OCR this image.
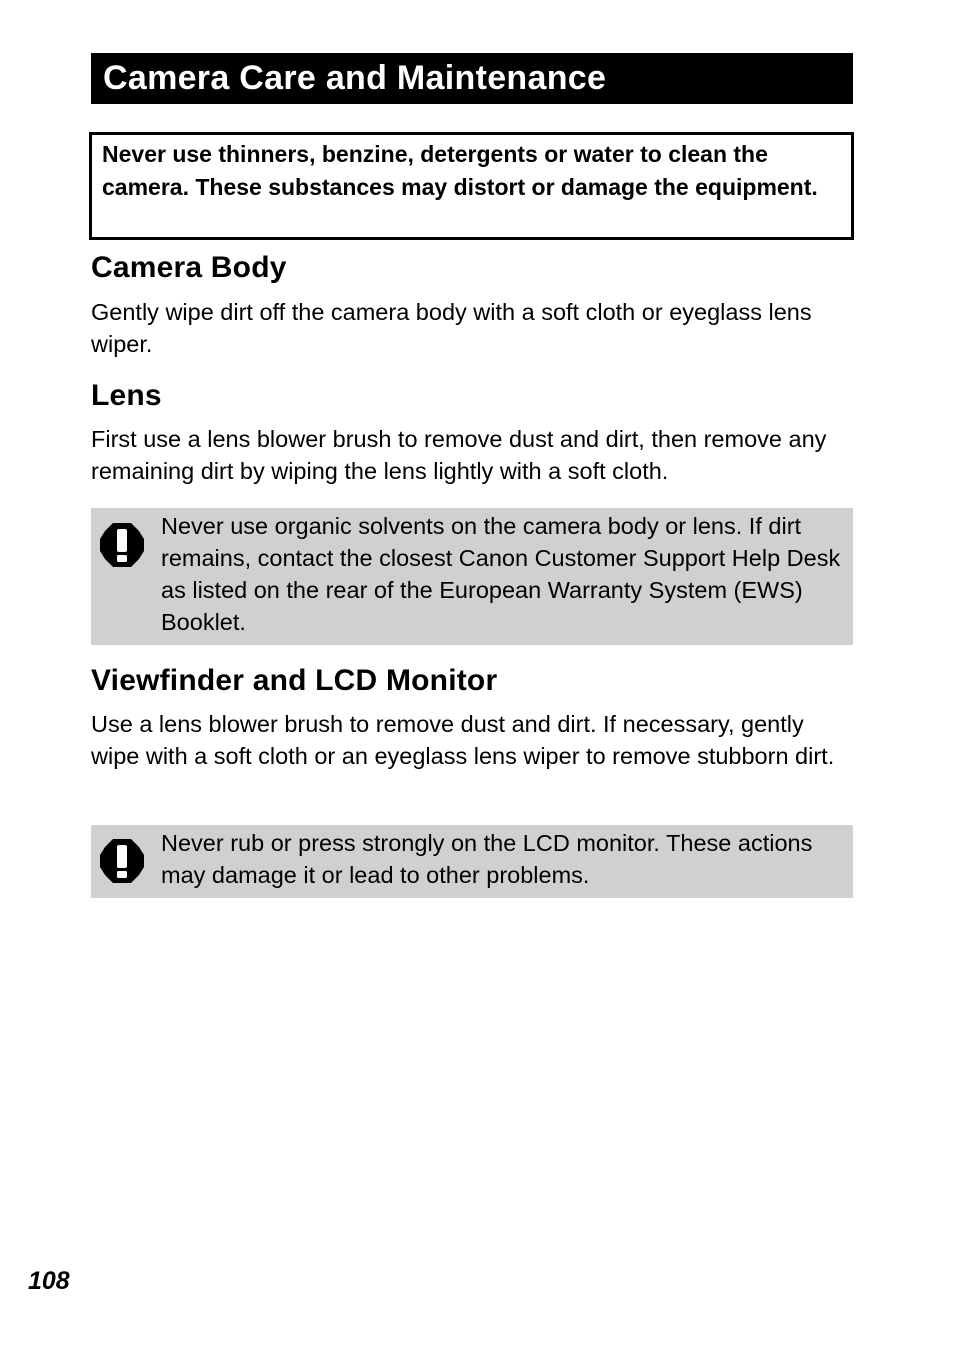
Camera Care and Maintenance
Never use thinners, benzine, detergents or water to clean the camera. These substances may distort or damage the equipment.
Camera Body

Gently wipe dirt off the camera body with a soft cloth or eyeglass lens wiper.

Lens

First use a lens blower brush to remove dust and dirt, then remove any remaining dirt by wiping the lens lightly with a soft cloth.

Never use organic solvents on the camera body or lens. If dirt remains, contact the closest Canon Customer Support Help Desk as listed on the rear of the European Warranty System (EWS) Booklet.

Viewfinder and LCD Monitor

Use a lens blower brush to remove dust and dirt. If necessary, gently wipe with a soft cloth or an eyeglass lens wiper to remove stubborn dirt.

Never rub or press strongly on the LCD monitor. These actions may damage it or lead to other problems.

108
